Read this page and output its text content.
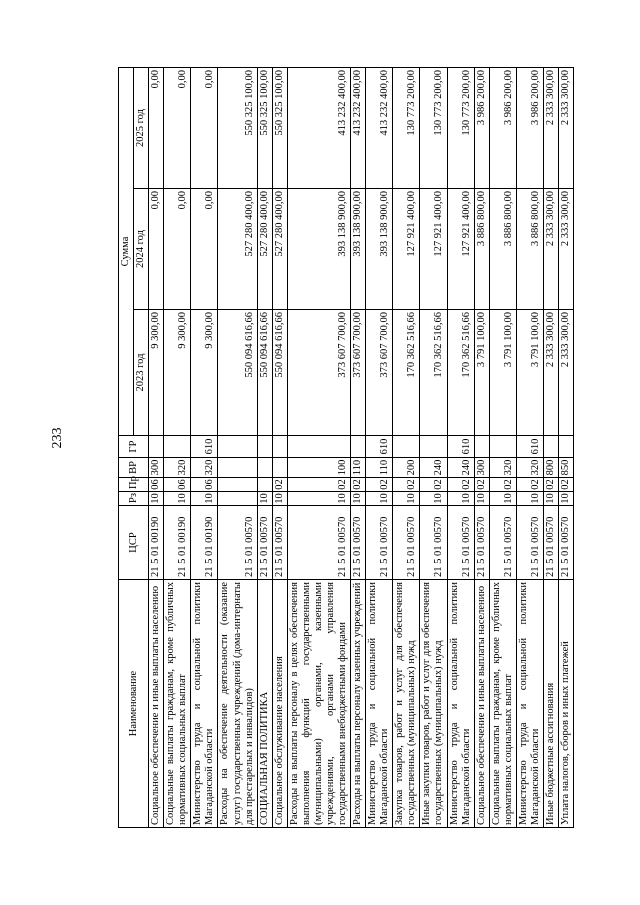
233
Наименование	ЦСР	Рз	Пр	ВР	ГР	Сумма		
						2023 год	2024 год	2025 год
Социальное обеспечение и иные выплаты населению	21 5 01 00190	10	06	300		9 300,00	0,00	0,00
Социальные выплаты гражданам, кроме публичных нормативных социальных выплат	21 5 01 00190	10	06	320		9 300,00	0,00	0,00
Министерство труда и социальной политики Магаданской области	21 5 01 00190	10	06	320	610	9 300,00	0,00	0,00
Расходы на обеспечение деятельности (оказание услуг) государственных учреждений (дома-интернаты для престарелых и инвалидов)	21 5 01 00570					550 094 616,66	527 280 400,00	550 325 100,00
СОЦИАЛЬНАЯ ПОЛИТИКА	21 5 01 00570	10				550 094 616,66	527 280 400,00	550 325 100,00
Социальное обслуживание населения	21 5 01 00570	10	02			550 094 616,66	527 280 400,00	550 325 100,00
Расходы на выплаты персоналу в целях обеспечения выполнения функций государственными (муниципальными) органами, казенными учреждениями, органами управления государственными внебюджетными фондами	21 5 01 00570	10	02	100		373 607 700,00	393 138 900,00	413 232 400,00
Расходы на выплаты персоналу казенных учреждений	21 5 01 00570	10	02	110		373 607 700,00	393 138 900,00	413 232 400,00
Министерство труда и социальной политики Магаданской области	21 5 01 00570	10	02	110	610	373 607 700,00	393 138 900,00	413 232 400,00
Закупка товаров, работ и услуг для обеспечения государственных (муниципальных) нужд	21 5 01 00570	10	02	200		170 362 516,66	127 921 400,00	130 773 200,00
Иные закупки товаров, работ и услуг для обеспечения государственных (муниципальных) нужд	21 5 01 00570	10	02	240		170 362 516,66	127 921 400,00	130 773 200,00
Министерство труда и социальной политики Магаданской области	21 5 01 00570	10	02	240	610	170 362 516,66	127 921 400,00	130 773 200,00
Социальное обеспечение и иные выплаты населению	21 5 01 00570	10	02	300		3 791 100,00	3 886 800,00	3 986 200,00
Социальные выплаты гражданам, кроме публичных нормативных социальных выплат	21 5 01 00570	10	02	320		3 791 100,00	3 886 800,00	3 986 200,00
Министерство труда и социальной политики Магаданской области	21 5 01 00570	10	02	320	610	3 791 100,00	3 886 800,00	3 986 200,00
Иные бюджетные ассигнования	21 5 01 00570	10	02	800		2 333 300,00	2 333 300,00	2 333 300,00
Уплата налогов, сборов и иных платежей	21 5 01 00570	10	02	850		2 333 300,00	2 333 300,00	2 333 300,00
